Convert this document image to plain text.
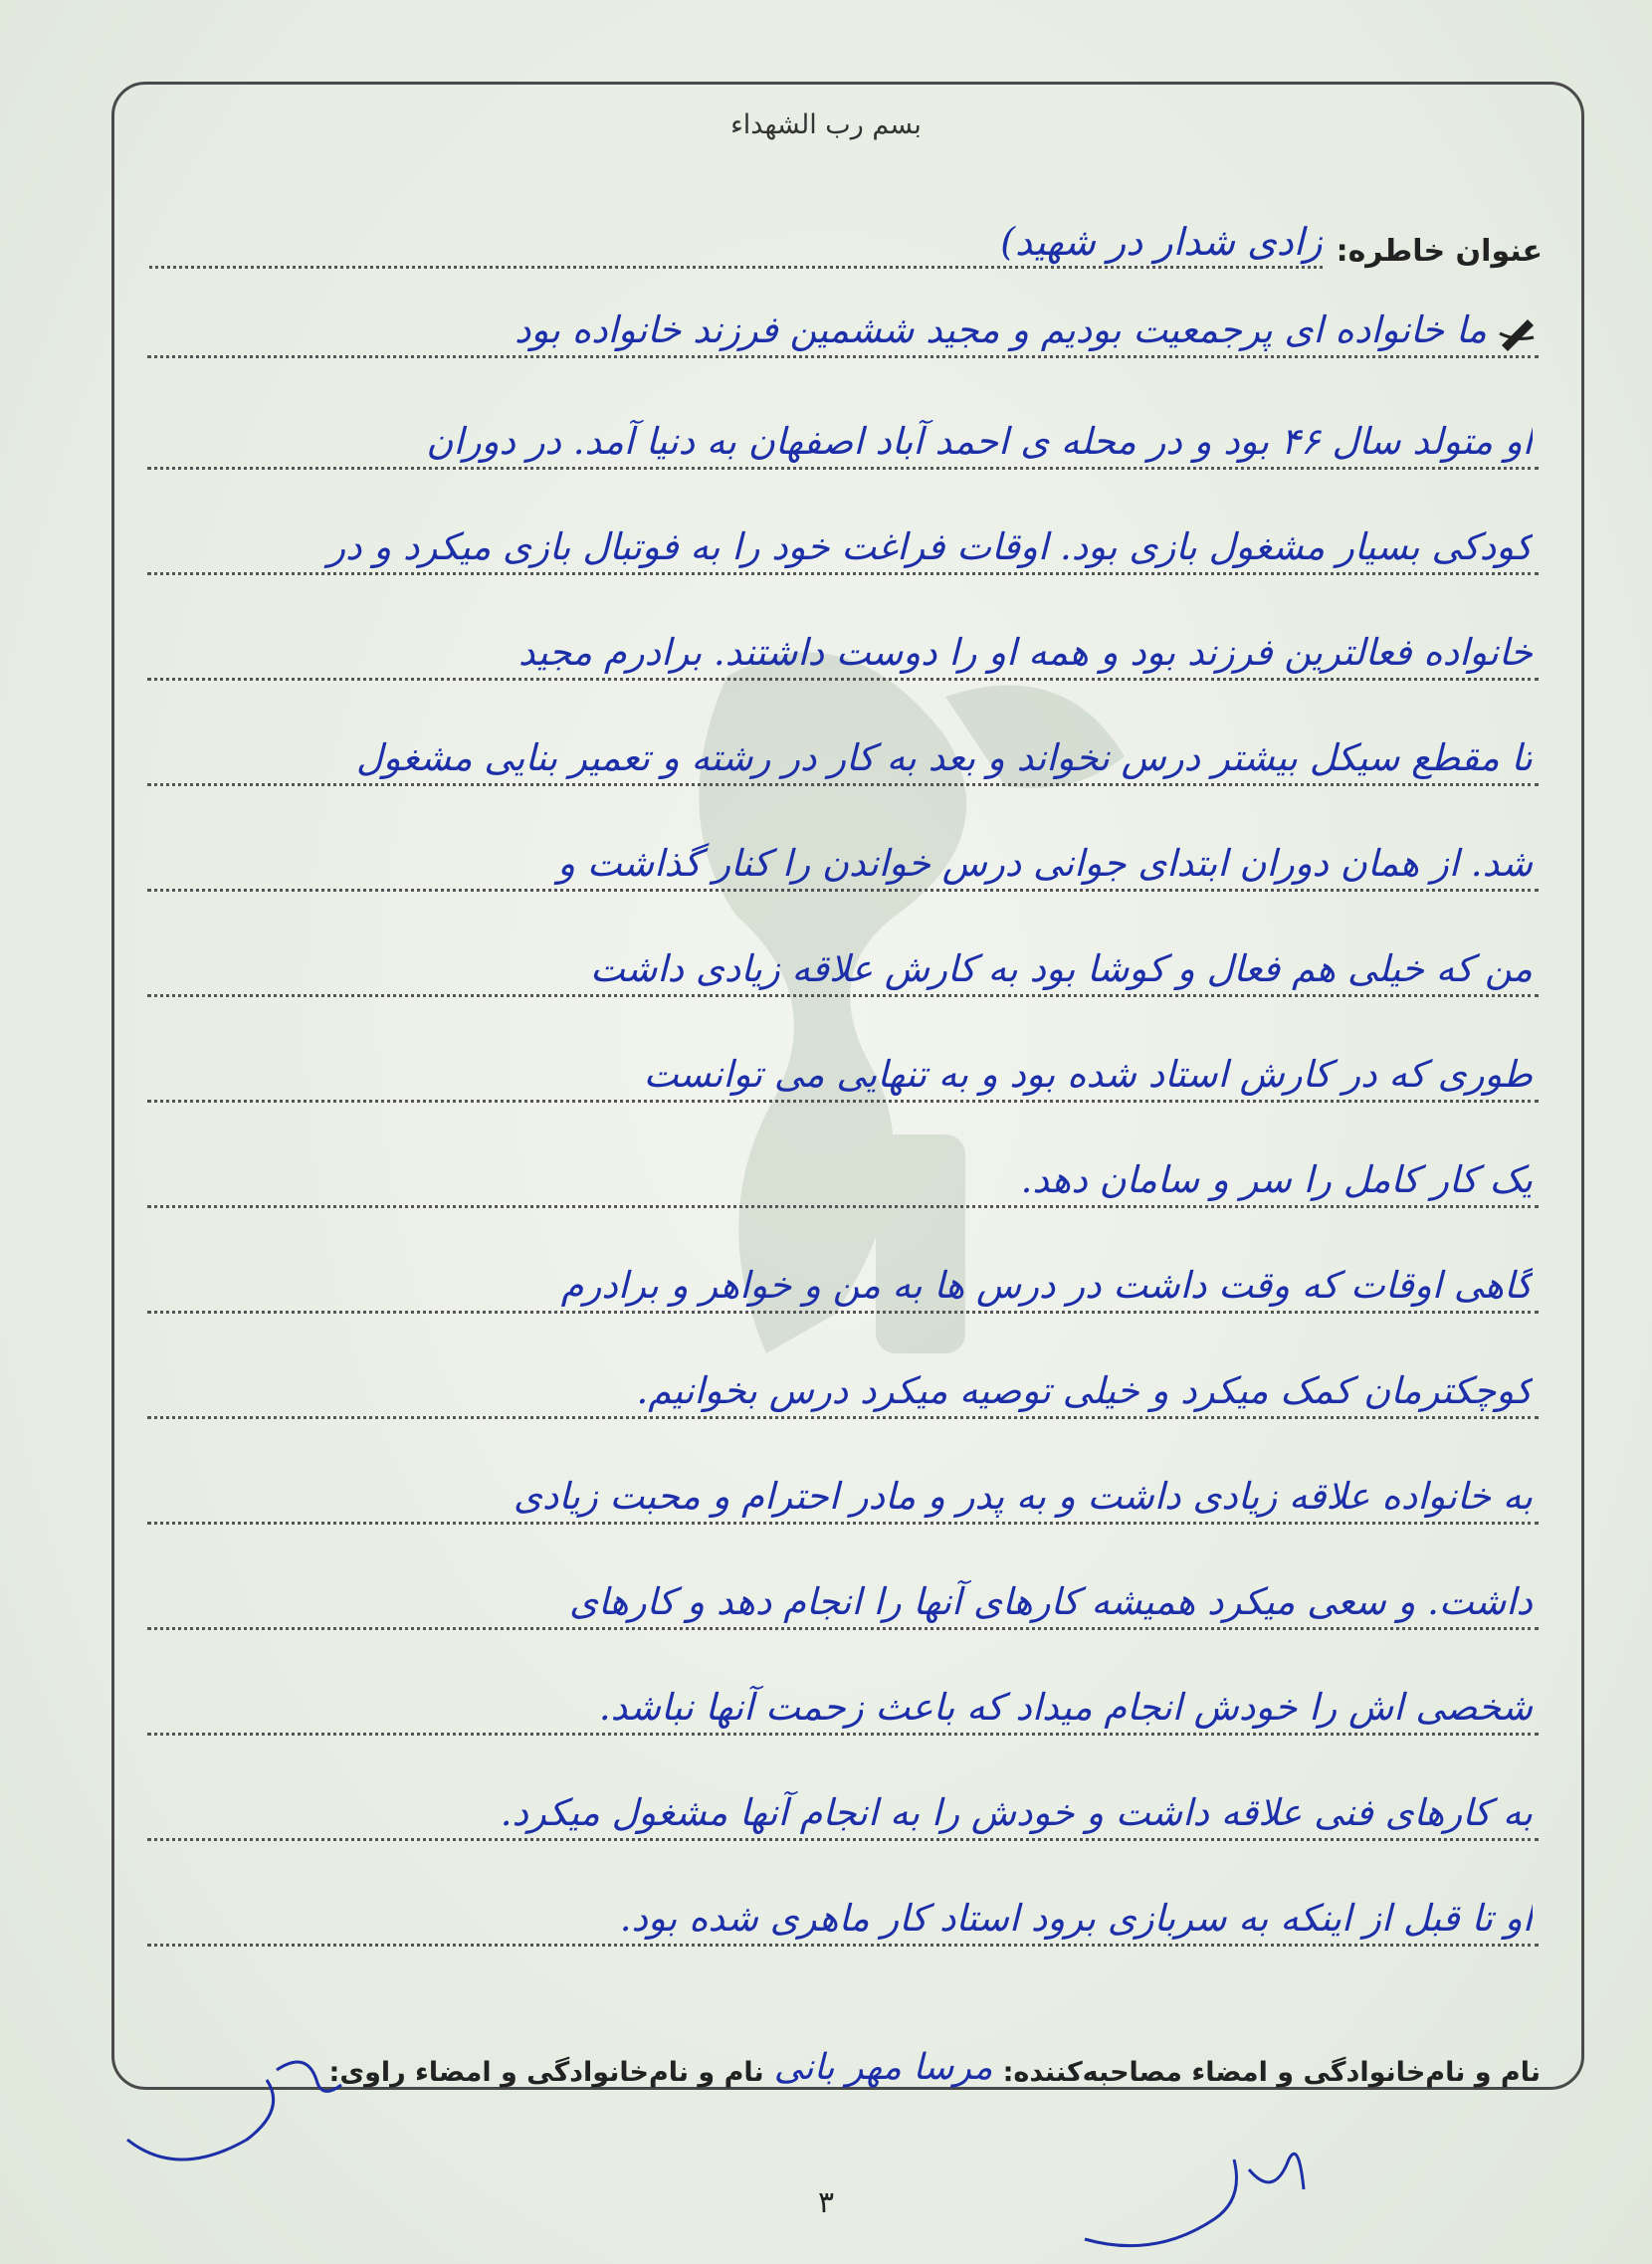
بسم رب الشهداء
عنوان خاطره:
زادی شدار در شهید)
ما خانواده ای پرجمعیت بودیم و مجید ششمین فرزند خانواده بود
او متولد سال ۴۶ بود و در محله ی احمد آباد اصفهان به دنیا آمد. در دوران
کودکی بسیار مشغول بازی بود. اوقات فراغت خود را به فوتبال بازی میکرد و در
خانواده فعالترین فرزند بود و همه او را دوست داشتند. برادرم مجید
تا مقطع سیکل بیشتر درس نخواند و بعد به کار در رشته و تعمیر بنایی مشغول
شد. از همان دوران ابتدای جوانی درس خواندن را کنار گذاشت و
من که خیلی هم فعال و کوشا بود به کارش علاقه زیادی داشت
طوری که در کارش استاد شده بود و به تنهایی می توانست
یک کار کامل را سر و سامان دهد.
گاهی اوقات که وقت داشت در درس ها به من و خواهر و برادرم
کوچکترمان کمک میکرد و خیلی توصیه میکرد درس بخوانیم.
به خانواده علاقه زیادی داشت و به پدر و مادر احترام و محبت زیادی
داشت. و سعی میکرد همیشه کارهای آنها را انجام دهد و کارهای
شخصی اش را خودش انجام میداد که باعث زحمت آنها نباشد.
به کارهای فنی علاقه داشت و خودش را به انجام آنها مشغول میکرد.
او تا قبل از اینکه به سربازی برود استاد کار ماهری شده بود.
نام و نام‌خانوادگی و امضاء مصاحبه‌کننده:
مرسا مهر بانی
نام و نام‌خانوادگی و امضاء راوی:
۳
